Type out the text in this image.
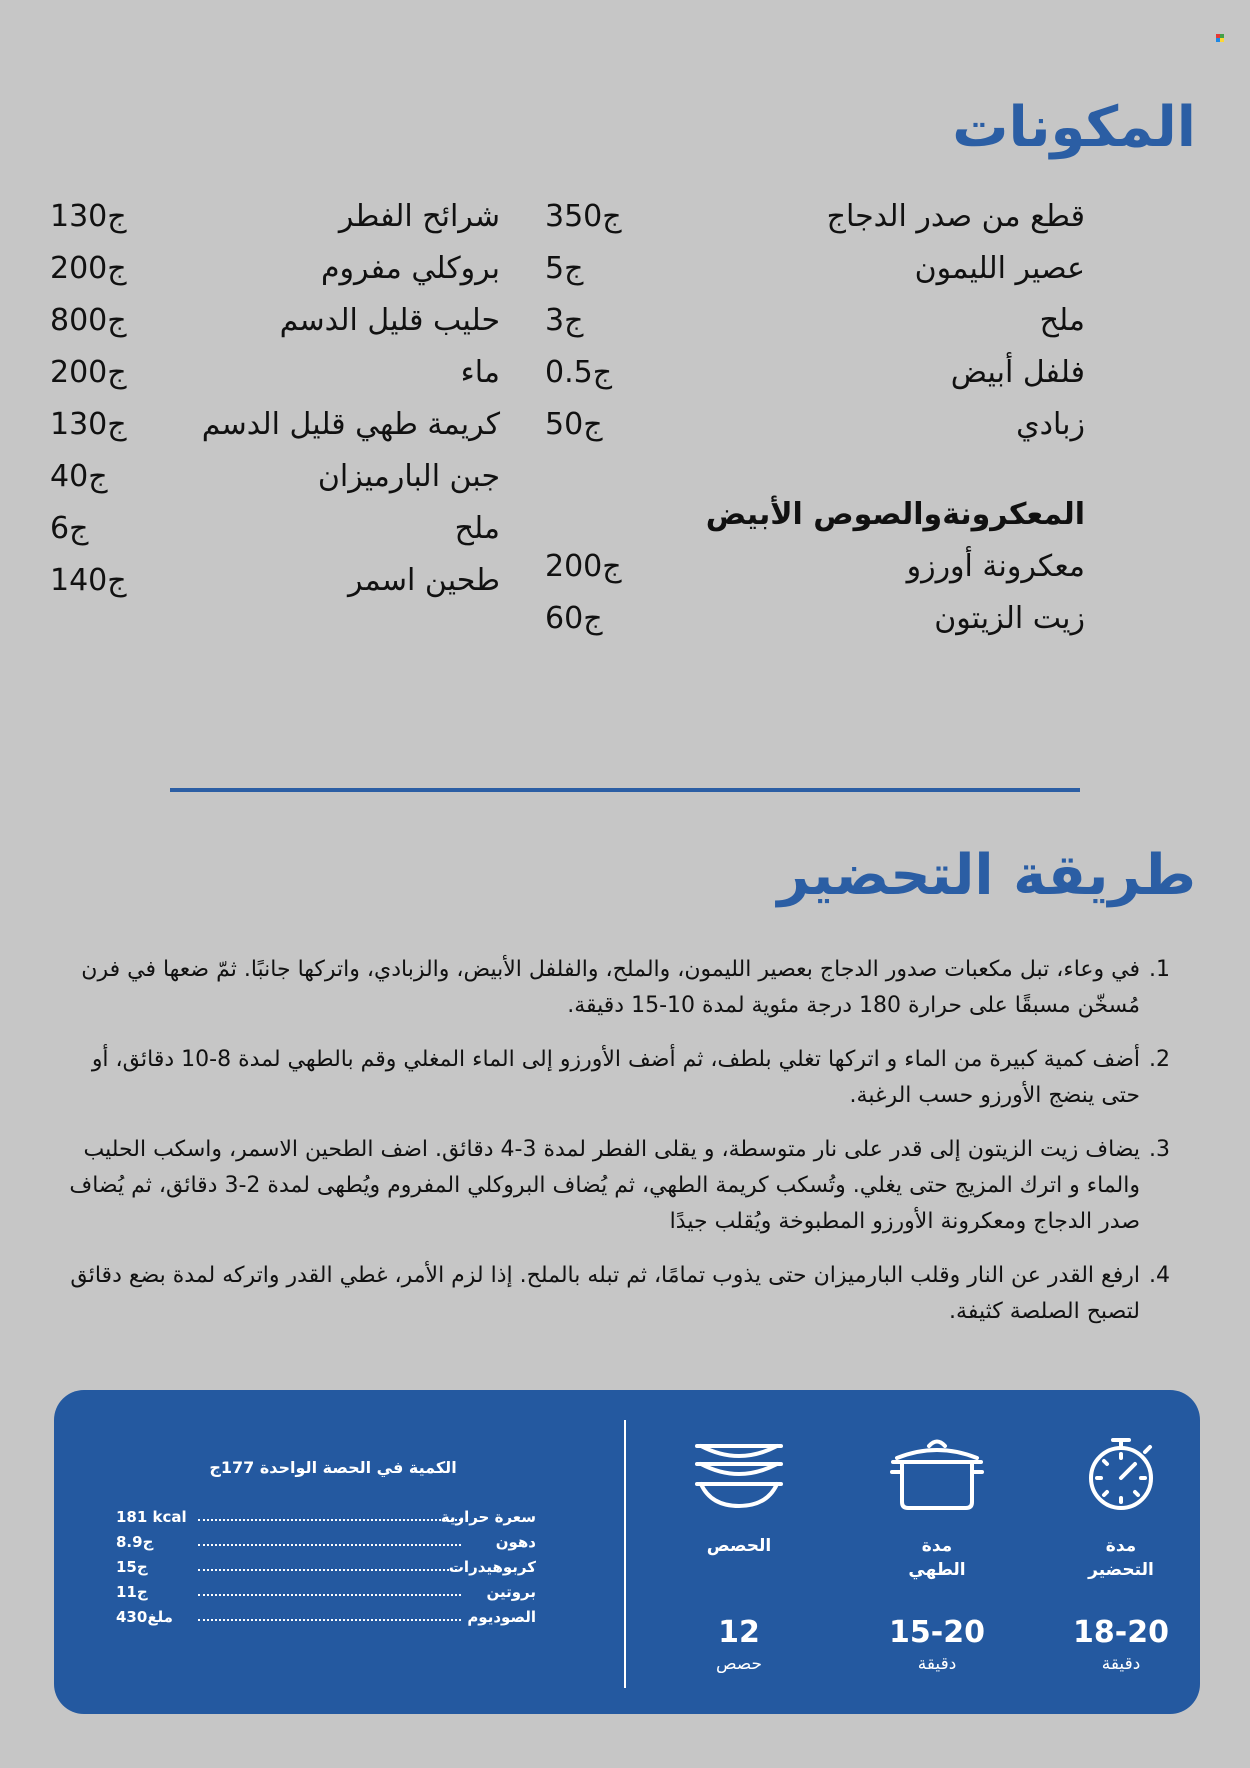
المكونات
قطع من صدر الدجاج
350ج
عصير الليمون
5ج
ملح
3ج
فلفل أبيض
0.5ج
زبادي
50ج
المعكرونةوالصوص الأبيض
معكرونة أورزو
200ج
زيت الزيتون
60ج
شرائح الفطر
130ج
بروكلي مفروم
200ج
حليب قليل الدسم
800ج
ماء
200ج
كريمة طهي قليل الدسم
130ج
جبن البارميزان
40ج
ملح
6ج
طحين اسمر
140ج
طريقة التحضير
1.
في وعاء، تبل مكعبات صدور الدجاج بعصير الليمون، والملح، والفلفل الأبيض، والزبادي، واتركها جانبًا. ثمّ ضعها في فرن مُسخّن مسبقًا على حرارة 180 درجة مئوية لمدة 10-15 دقيقة.
2.
أضف كمية كبيرة من الماء و اتركها تغلي بلطف، ثم أضف الأورزو إلى الماء المغلي وقم بالطهي لمدة 8-10 دقائق، أو حتى ينضج الأورزو حسب الرغبة.
3.
يضاف زيت الزيتون إلى قدر على نار متوسطة، و يقلى الفطر لمدة 3-4 دقائق. اضف الطحين الاسمر، واسكب الحليب والماء و اترك المزيج حتى يغلي. وتُسكب كريمة الطهي، ثم يُضاف البروكلي المفروم ويُطهى لمدة 2-3 دقائق، ثم يُضاف صدر الدجاج ومعكرونة الأورزو المطبوخة ويُقلب جيدًا
4.
ارفع القدر عن النار وقلب البارميزان حتى يذوب تمامًا، ثم تبله بالملح. إذا لزم الأمر، غطي القدر واتركه لمدة بضع دقائق لتصبح الصلصة كثيفة.
مدة
التحضير
18-20
دقيقة
مدة
الطهي
15-20
دقيقة
الحصص
12
حصص
الكمية في الحصة الواحدة 177ج
سعرة حرارية
181 kcal
دهون
8.9ج
كربوهيدرات
15ج
بروتين
11ج
الصوديوم
430ملغ
